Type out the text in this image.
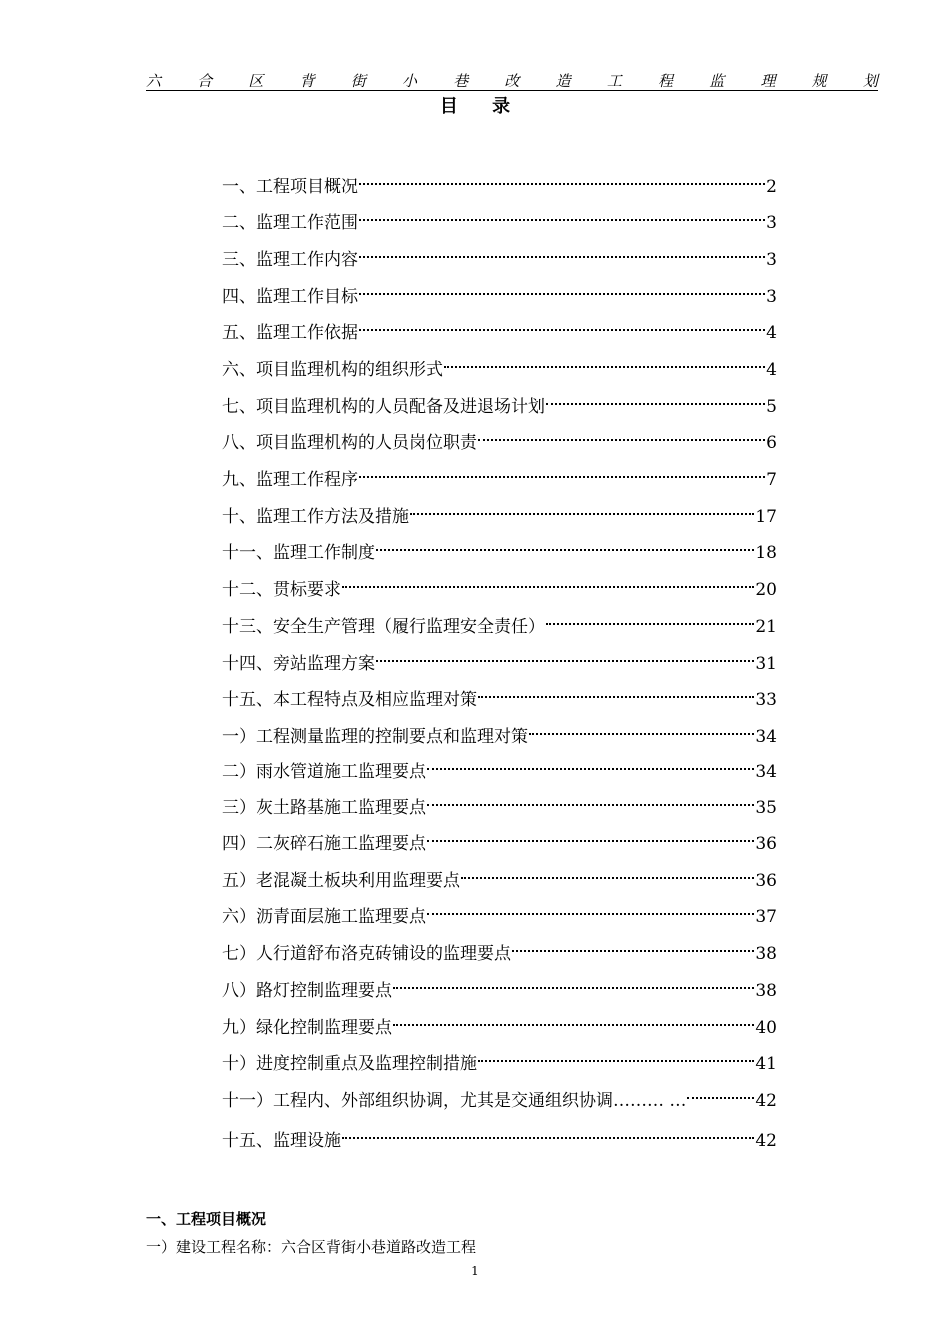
六 合 区 背 街 小 巷 改 造 工 程 监 理 规 划
目 录
一、工程项目概况	2
二、监理工作范围	3
三、监理工作内容	3
四、监理工作目标	3
五、监理工作依据	4
六、项目监理机构的组织形式	4
七、项目监理机构的人员配备及进退场计划	5
八、项目监理机构的人员岗位职责	6
九、监理工作程序	7
十、监理工作方法及措施	17
十一、监理工作制度	18
十二、贯标要求	20
十三、安全生产管理（履行监理安全责任）	21
十四、旁站监理方案	31
十五、本工程特点及相应监理对策	33
一）工程测量监理的控制要点和监理对策	34
二）雨水管道施工监理要点	34
三）灰土路基施工监理要点	35
四）二灰碎石施工监理要点	36
五）老混凝土板块利用监理要点	36
六）沥青面层施工监理要点	37
七）人行道舒布洛克砖铺设的监理要点	38
八）路灯控制监理要点	38
九）绿化控制监理要点	40
十）进度控制重点及监理控制措施	41
十一）工程内、外部组织协调，尤其是交通组织协调……… …	42
十五、监理设施	42
一、工程项目概况
一）建设工程名称：六合区背街小巷道路改造工程
1
